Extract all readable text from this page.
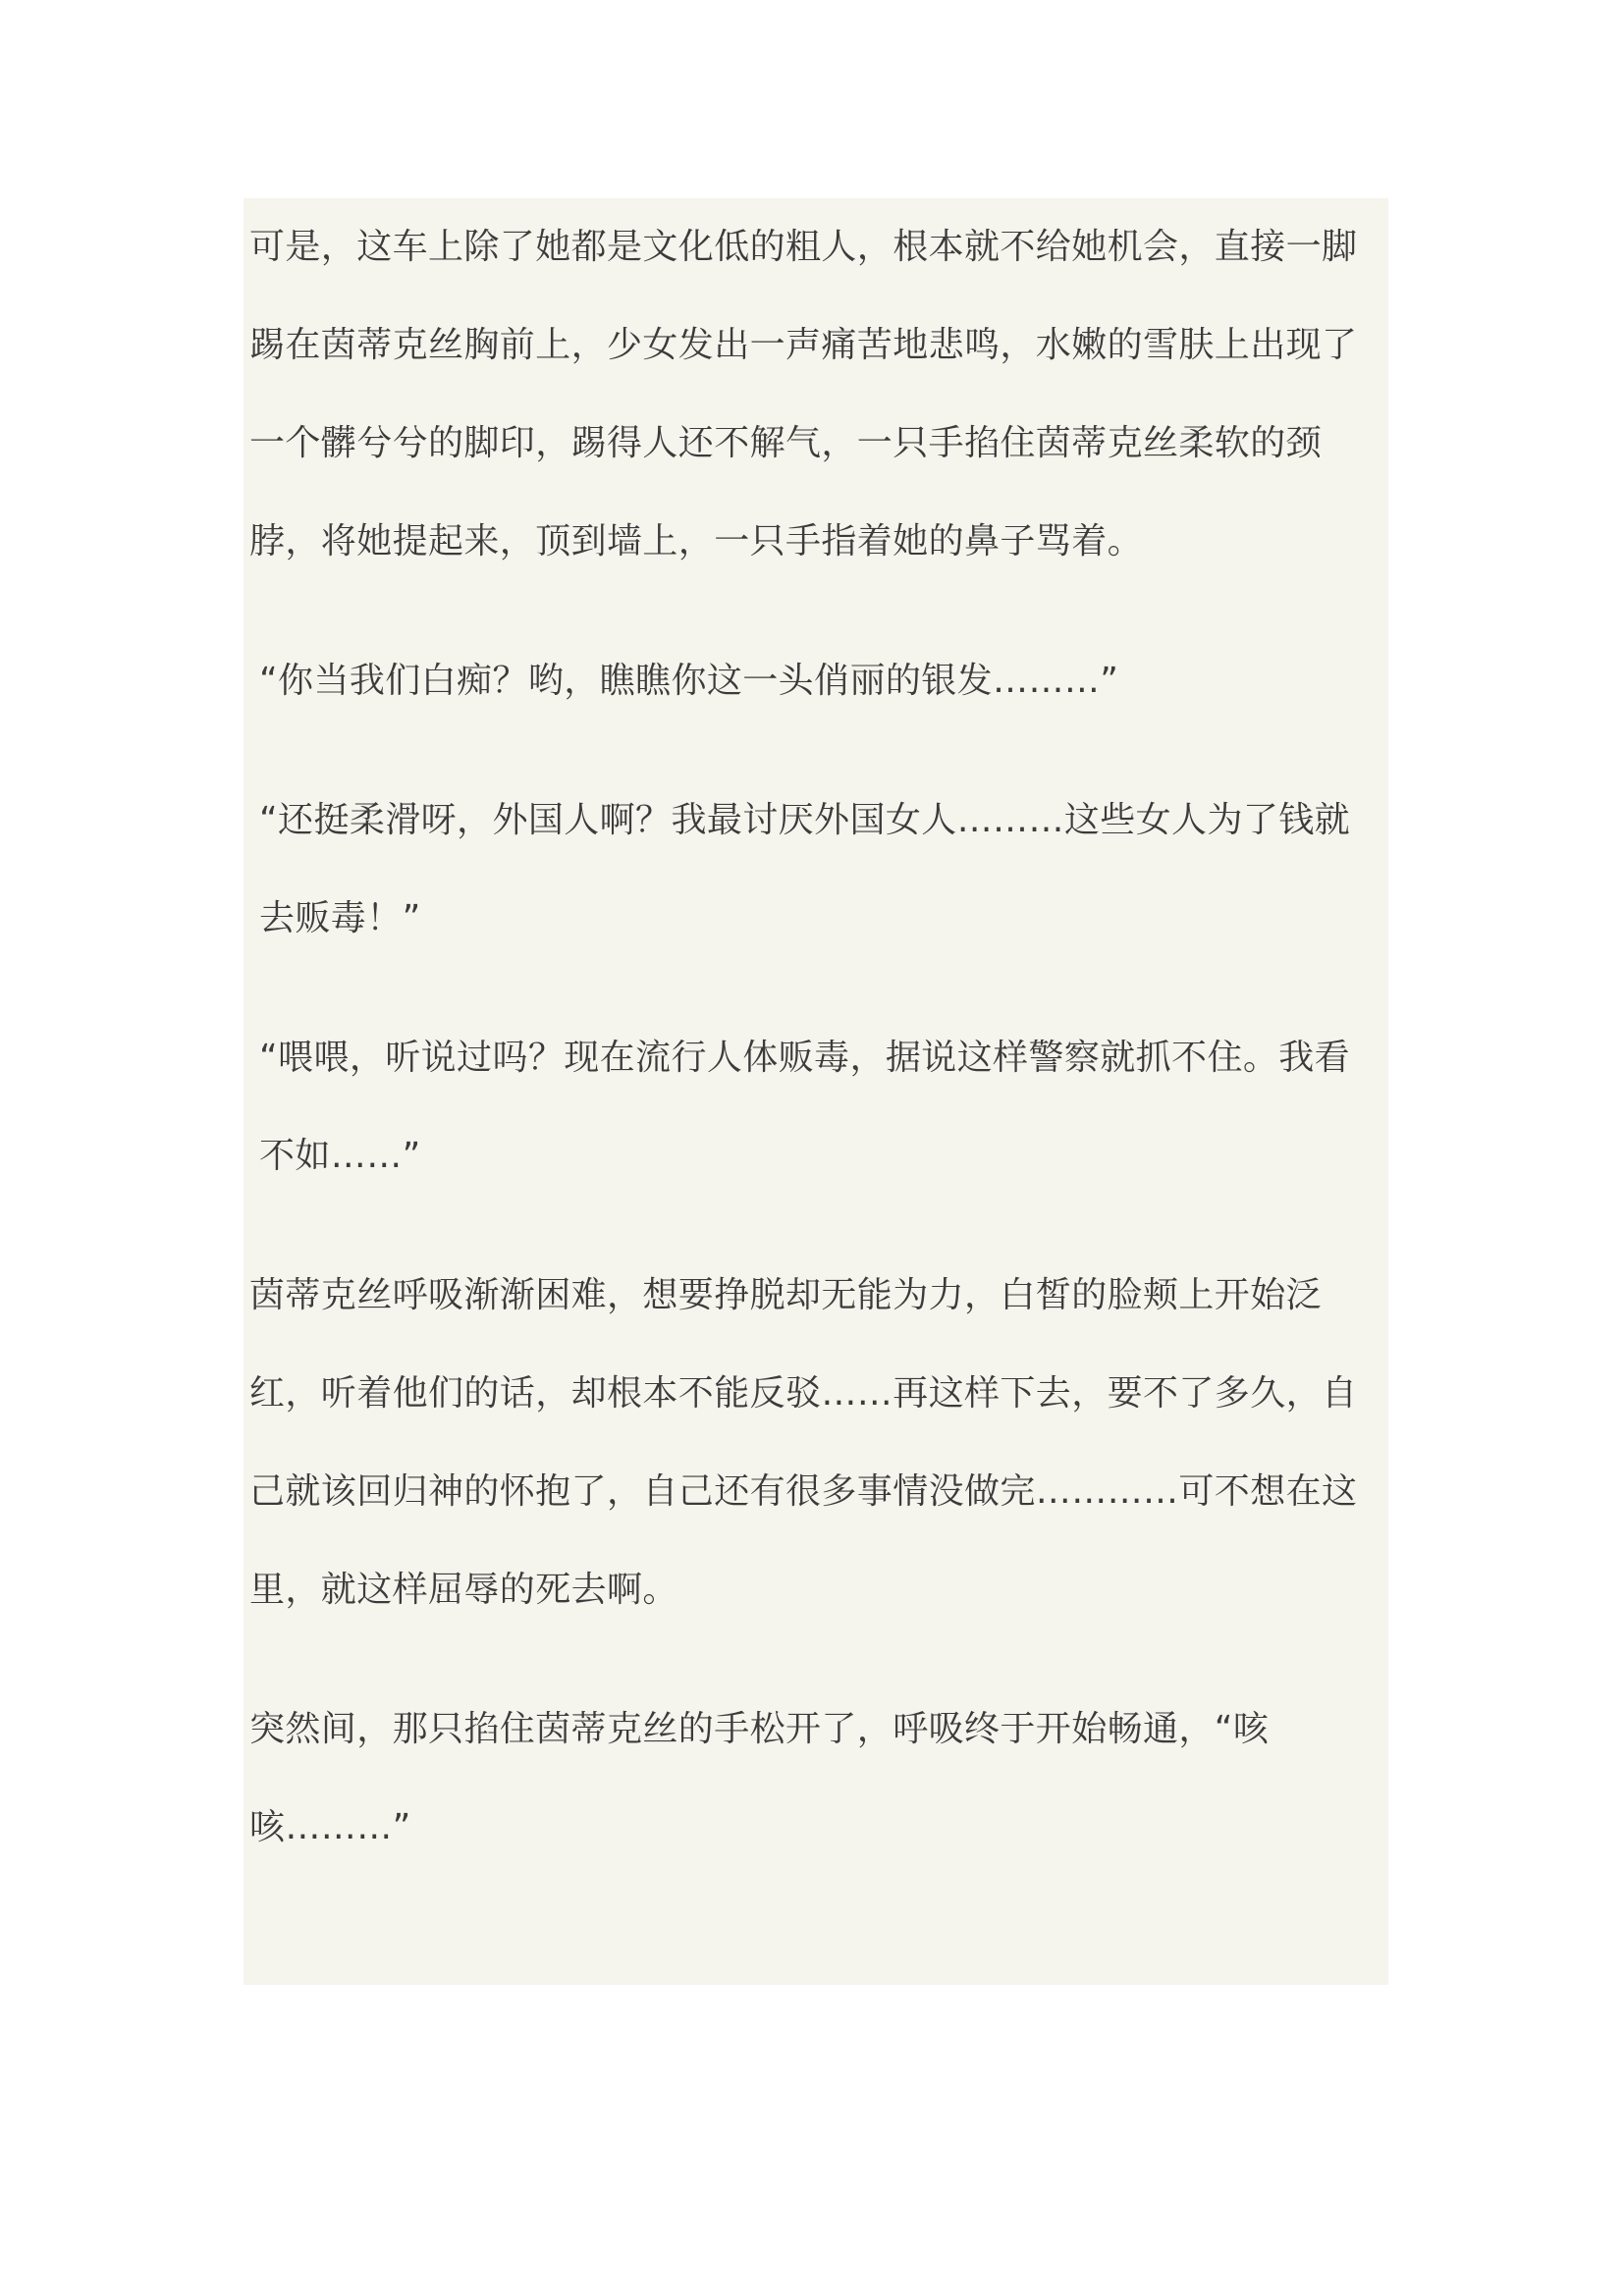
可是，这车上除了她都是文化低的粗人，根本就不给她机会，直接一脚踢在茵蒂克丝胸前上，少女发出一声痛苦地悲鸣，水嫩的雪肤上出现了一个髒兮兮的脚印，踢得人还不解气，一只手掐住茵蒂克丝柔软的颈脖，将她提起来，顶到墙上，一只手指着她的鼻子骂着。

“你当我们白痴？哟，瞧瞧你这一头俏丽的银发………”

“还挺柔滑呀，外国人啊？我最讨厌外国女人………这些女人为了钱就去贩毒！”

“喂喂，听说过吗？现在流行人体贩毒，据说这样警察就抓不住。我看不如……”

茵蒂克丝呼吸渐渐困难，想要挣脱却无能为力，白皙的脸颊上开始泛红，听着他们的话，却根本不能反驳……再这样下去，要不了多久，自己就该回归神的怀抱了，自己还有很多事情没做完…………可不想在这里，就这样屈辱的死去啊。

突然间，那只掐住茵蒂克丝的手松开了，呼吸终于开始畅通，“咳咳………”
